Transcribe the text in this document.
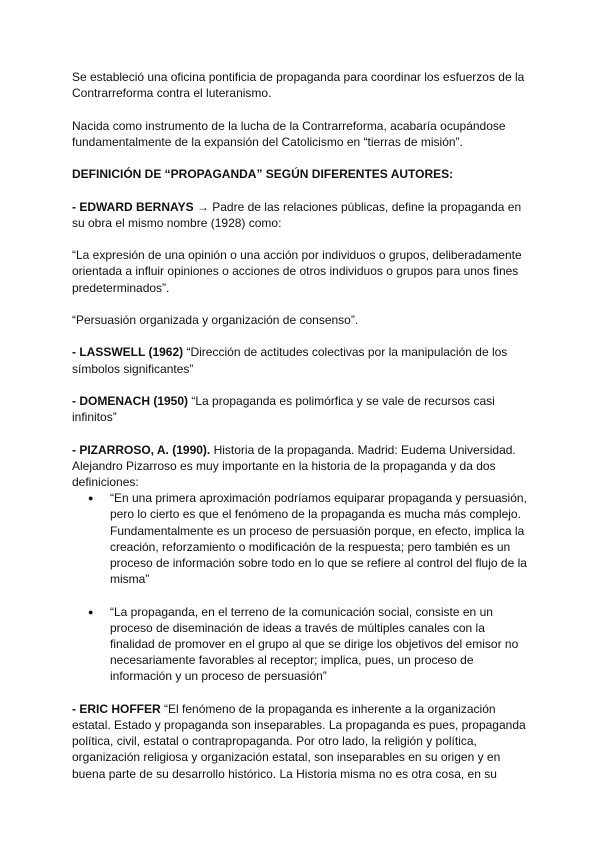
Se estableció una oficina pontificia de propaganda para coordinar los esfuerzos de la Contrarreforma contra el luteranismo.

Nacida como instrumento de la lucha de la Contrarreforma, acabaría ocupándose fundamentalmente de la expansión del Catolicismo en “tierras de misión”.

DEFINICIÓN DE “PROPAGANDA” SEGÚN DIFERENTES AUTORES:

- EDWARD BERNAYS → Padre de las relaciones públicas, define la propaganda en su obra el mismo nombre (1928) como:

“La expresión de una opinión o una acción por individuos o grupos, deliberadamente orientada a influir opiniones o acciones de otros individuos o grupos para unos fines predeterminados”.

“Persuasión organizada y organización de consenso”.

- LASSWELL (1962) “Dirección de actitudes colectivas por la manipulación de los símbolos significantes”

- DOMENACH (1950) “La propaganda es polimórfica y se vale de recursos casi infinitos”

- PIZARROSO, A. (1990). Historia de la propaganda. Madrid: Eudema Universidad. Alejandro Pizarroso es muy importante en la historia de la propaganda y da dos definiciones:

● “En una primera aproximación podríamos equiparar propaganda y persuasión, pero lo cierto es que el fenómeno de la propaganda es mucha más complejo. Fundamentalmente es un proceso de persuasión porque, en efecto, implica la creación, reforzamiento o modificación de la respuesta; pero también es un proceso de información sobre todo en lo que se refiere al control del flujo de la misma”
● “La propaganda, en el terreno de la comunicación social, consiste en un proceso de diseminación de ideas a través de múltiples canales con la finalidad de promover en el grupo al que se dirige los objetivos del emisor no necesariamente favorables al receptor; implica, pues, un proceso de información y un proceso de persuasión”

- ERIC HOFFER “El fenómeno de la propaganda es inherente a la organización estatal. Estado y propaganda son inseparables. La propaganda es pues, propaganda política, civil, estatal o contrapropaganda. Por otro lado, la religión y política, organización religiosa y organización estatal, son inseparables en su origen y en buena parte de su desarrollo histórico. La Historia misma no es otra cosa, en su
